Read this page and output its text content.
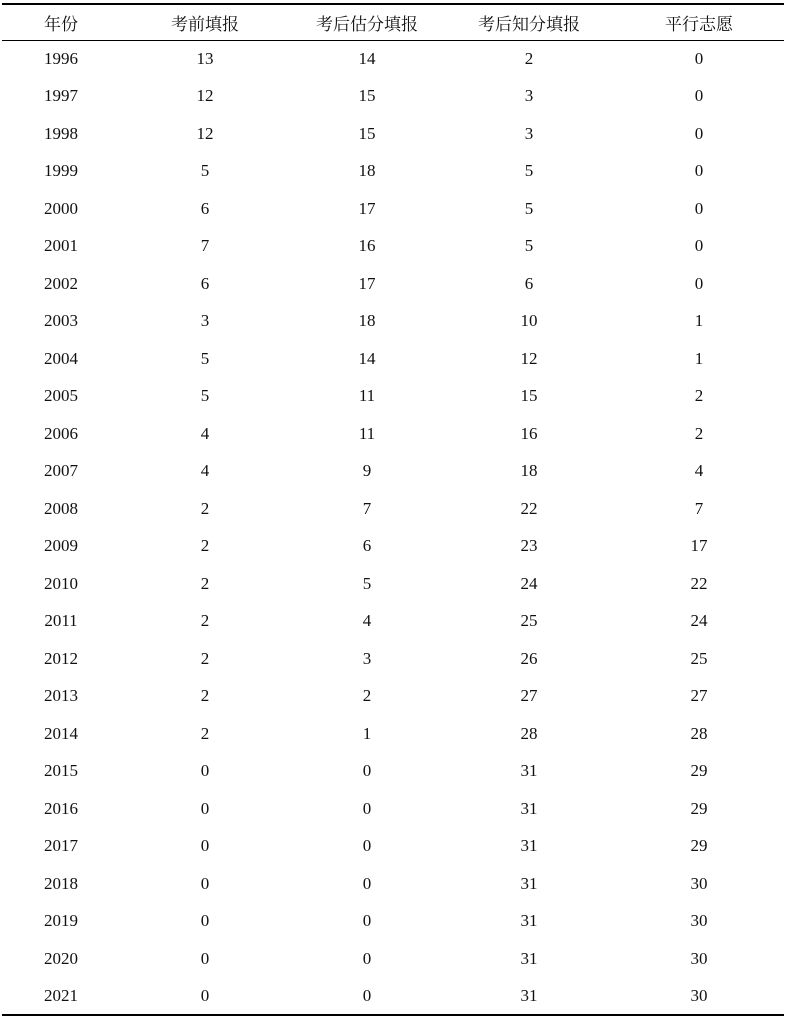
年份	考前填报	考后估分填报	考后知分填报	平行志愿
1996	13	14	2	0
1997	12	15	3	0
1998	12	15	3	0
1999	5	18	5	0
2000	6	17	5	0
2001	7	16	5	0
2002	6	17	6	0
2003	3	18	10	1
2004	5	14	12	1
2005	5	11	15	2
2006	4	11	16	2
2007	4	9	18	4
2008	2	7	22	7
2009	2	6	23	17
2010	2	5	24	22
2011	2	4	25	24
2012	2	3	26	25
2013	2	2	27	27
2014	2	1	28	28
2015	0	0	31	29
2016	0	0	31	29
2017	0	0	31	29
2018	0	0	31	30
2019	0	0	31	30
2020	0	0	31	30
2021	0	0	31	30
